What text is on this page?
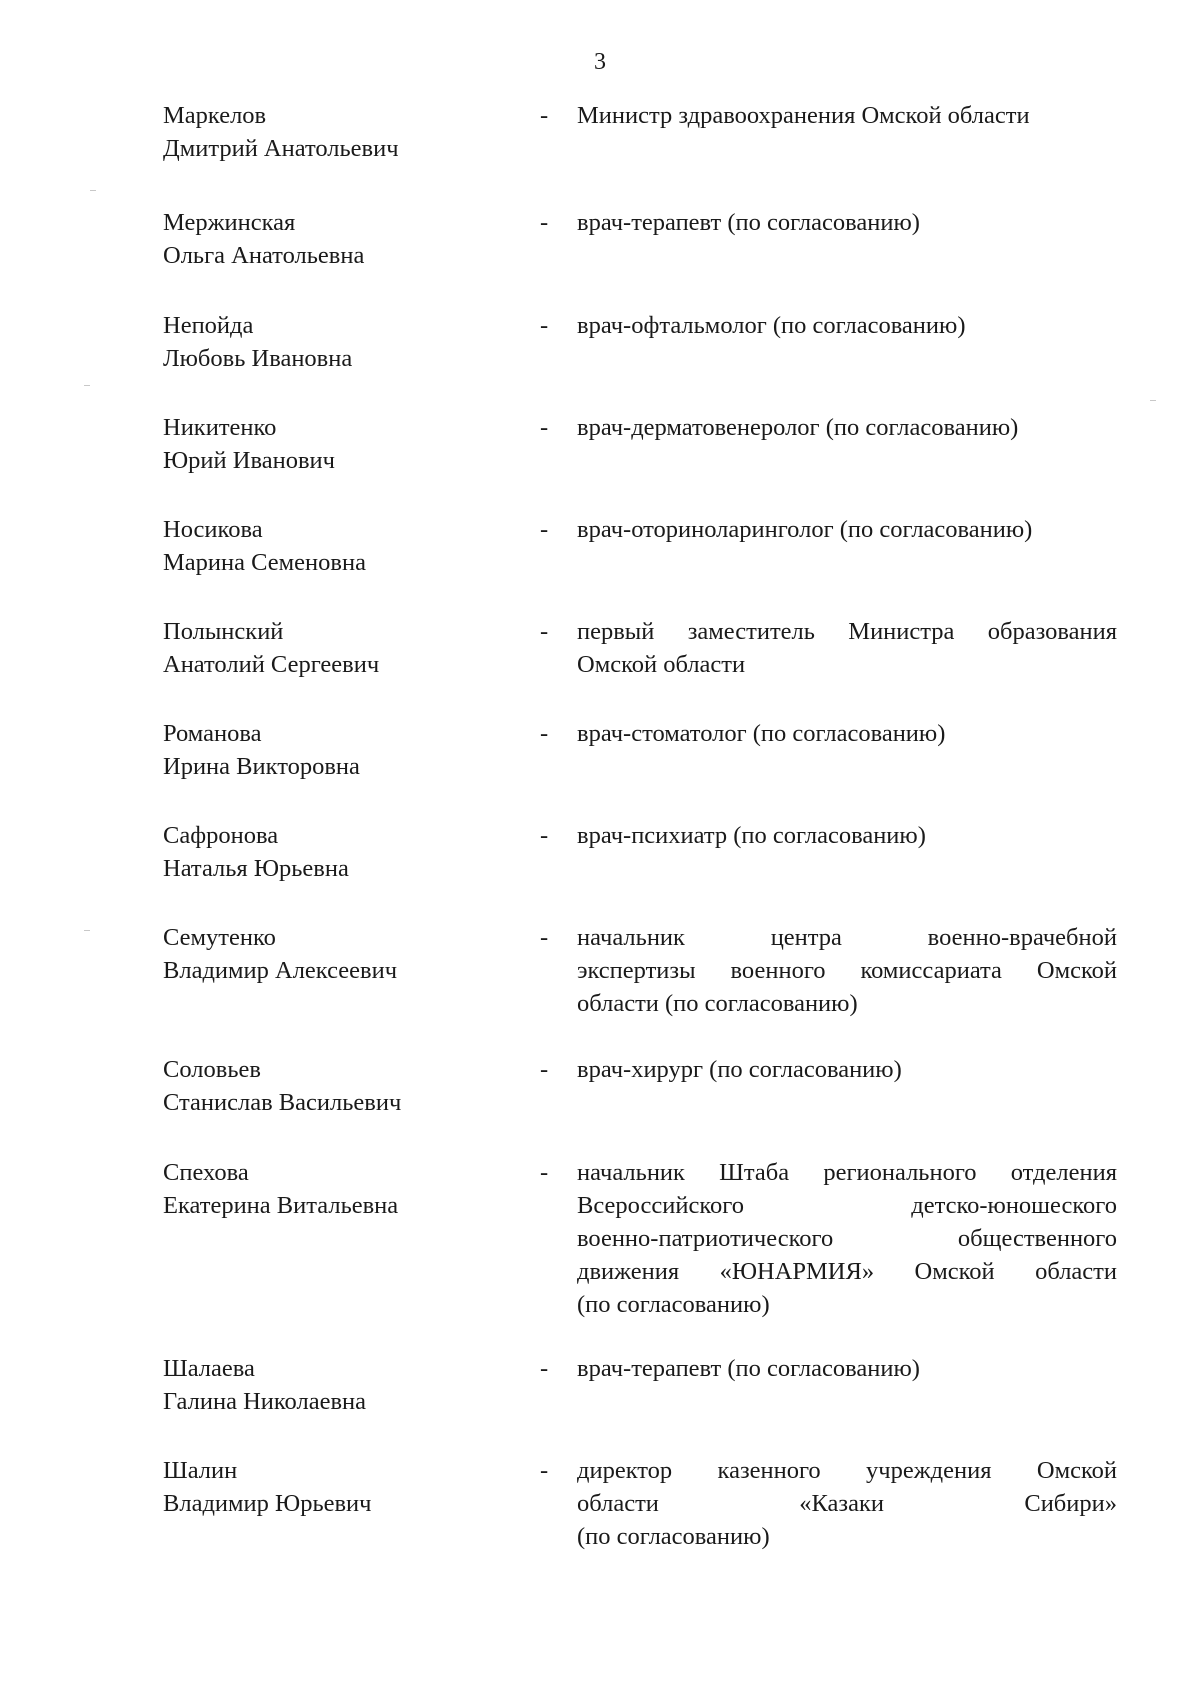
3
Маркелов
Дмитрий Анатольевич
- Министр здравоохранения Омской области
Мержинская
Ольга Анатольевна
- врач-терапевт (по согласованию)
Непойда
Любовь Ивановна
- врач-офтальмолог (по согласованию)
Никитенко
Юрий Иванович
- врач-дерматовенеролог (по согласованию)
Носикова
Марина Семеновна
- врач-оториноларинголог (по согласованию)
Полынский
Анатолий Сергеевич
- первый заместитель Министра образования
Омской области
Романова
Ирина Викторовна
- врач-стоматолог (по согласованию)
Сафронова
Наталья Юрьевна
- врач-психиатр (по согласованию)
Семутенко
Владимир Алексеевич
- начальник центра военно-врачебной
экспертизы военного комиссариата Омской
области (по согласованию)
Соловьев
Станислав Васильевич
- врач-хирург (по согласованию)
Спехова
Екатерина Витальевна
- начальник Штаба регионального отделения
Всероссийского детско-юношеского
военно-патриотического общественного
движения «ЮНАРМИЯ» Омской области
(по согласованию)
Шалаева
Галина Николаевна
- врач-терапевт (по согласованию)
Шалин
Владимир Юрьевич
- директор казенного учреждения Омской
области «Казаки Сибири»
(по согласованию)
